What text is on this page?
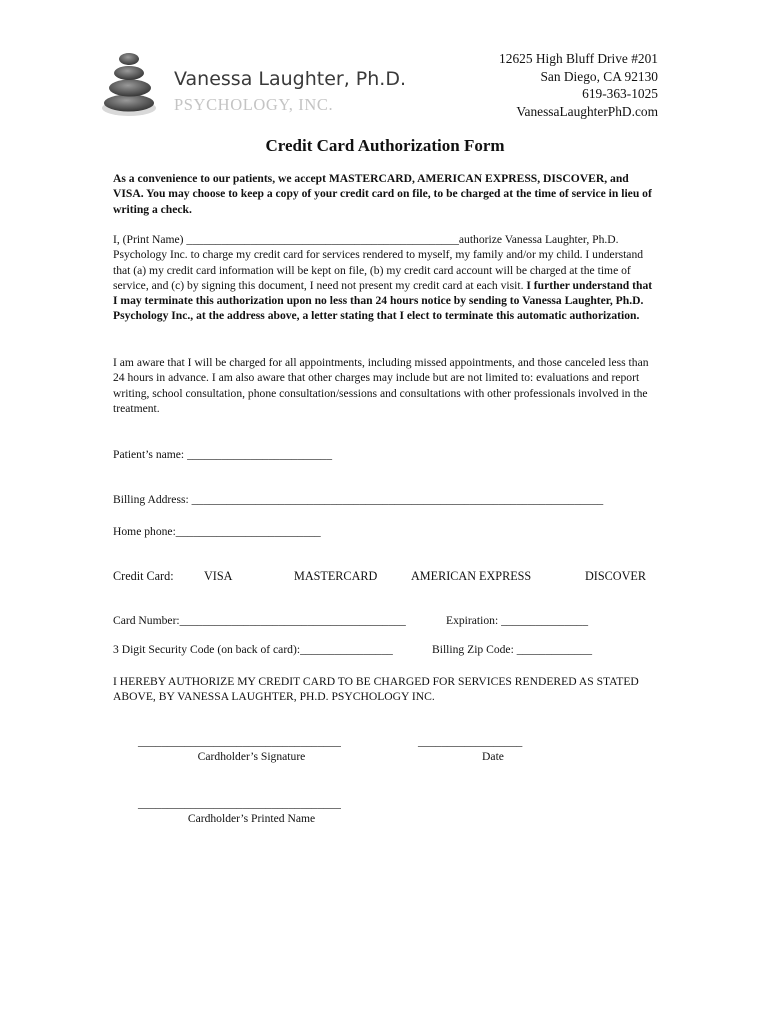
Vanessa Laughter, Ph.D.
PSYCHOLOGY, INC.
12625 High Bluff Drive #201
San Diego, CA 92130
619-363-1025
VanessaLaughterPhD.com
Credit Card Authorization Form
As a convenience to our patients, we accept MASTERCARD, AMERICAN EXPRESS, DISCOVER, and VISA. You may choose to keep a copy of your credit card on file, to be charged at the time of service in lieu of writing a check.
I, (Print Name) _______________________________________________authorize Vanessa Laughter, Ph.D. Psychology Inc. to charge my credit card for services rendered to myself, my family and/or my child. I understand that (a) my credit card information will be kept on file, (b) my credit card account will be charged at the time of service, and (c) by signing this document, I need not present my credit card at each visit. I further understand that I may terminate this authorization upon no less than 24 hours notice by sending to Vanessa Laughter, Ph.D. Psychology Inc., at the address above, a letter stating that I elect to terminate this automatic authorization.
I am aware that I will be charged for all appointments, including missed appointments, and those canceled less than 24 hours in advance. I am also aware that other charges may include but are not limited to: evaluations and report writing, school consultation, phone consultation/sessions and consultations with other professionals involved in the treatment.
Patient’s name: _________________________
Billing Address: _______________________________________________________________________
Home phone:_________________________
Credit Card: VISA	MASTERCARD	AMERICAN EXPRESS	DISCOVER
Card Number:_______________________________________	Expiration: _______________
3 Digit Security Code (on back of card):________________	Billing Zip Code: _____________
I HEREBY AUTHORIZE MY CREDIT CARD TO BE CHARGED FOR SERVICES RENDERED AS STATED ABOVE, BY VANESSA LAUGHTER, PH.D. PSYCHOLOGY INC.
___________________________________
Cardholder’s Signature
__________________
Date
___________________________________
Cardholder’s Printed Name
